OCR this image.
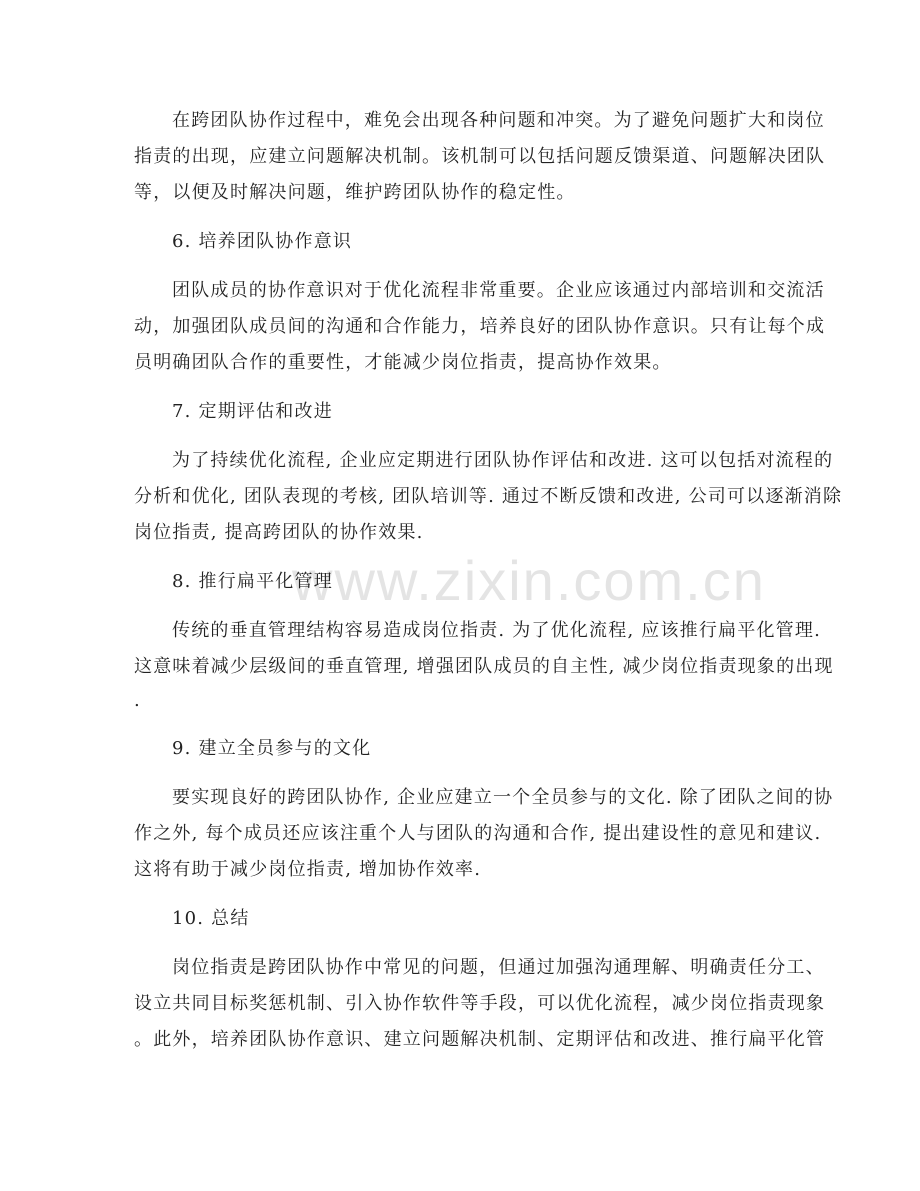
www.zixin.com.cn
在跨团队协作过程中，难免会出现各种问题和冲突。为了避免问题扩大和岗位
指责的出现，应建立问题解决机制。该机制可以包括问题反馈渠道、问题解决团队
等，以便及时解决问题，维护跨团队协作的稳定性。
6. 培养团队协作意识
团队成员的协作意识对于优化流程非常重要。企业应该通过内部培训和交流活
动，加强团队成员间的沟通和合作能力，培养良好的团队协作意识。只有让每个成
员明确团队合作的重要性，才能减少岗位指责，提高协作效果。
7. 定期评估和改进
为了持续优化流程, 企业应定期进行团队协作评估和改进. 这可以包括对流程的
分析和优化, 团队表现的考核, 团队培训等. 通过不断反馈和改进, 公司可以逐渐消除
岗位指责, 提高跨团队的协作效果.
8. 推行扁平化管理
传统的垂直管理结构容易造成岗位指责. 为了优化流程, 应该推行扁平化管理.
这意味着减少层级间的垂直管理, 增强团队成员的自主性, 减少岗位指责现象的出现
.
9. 建立全员参与的文化
要实现良好的跨团队协作, 企业应建立一个全员参与的文化. 除了团队之间的协
作之外, 每个成员还应该注重个人与团队的沟通和合作, 提出建设性的意见和建议.
这将有助于减少岗位指责, 增加协作效率.
10. 总结
岗位指责是跨团队协作中常见的问题，但通过加强沟通理解、明确责任分工、
设立共同目标奖惩机制、引入协作软件等手段，可以优化流程，减少岗位指责现象
。此外，培养团队协作意识、建立问题解决机制、定期评估和改进、推行扁平化管
